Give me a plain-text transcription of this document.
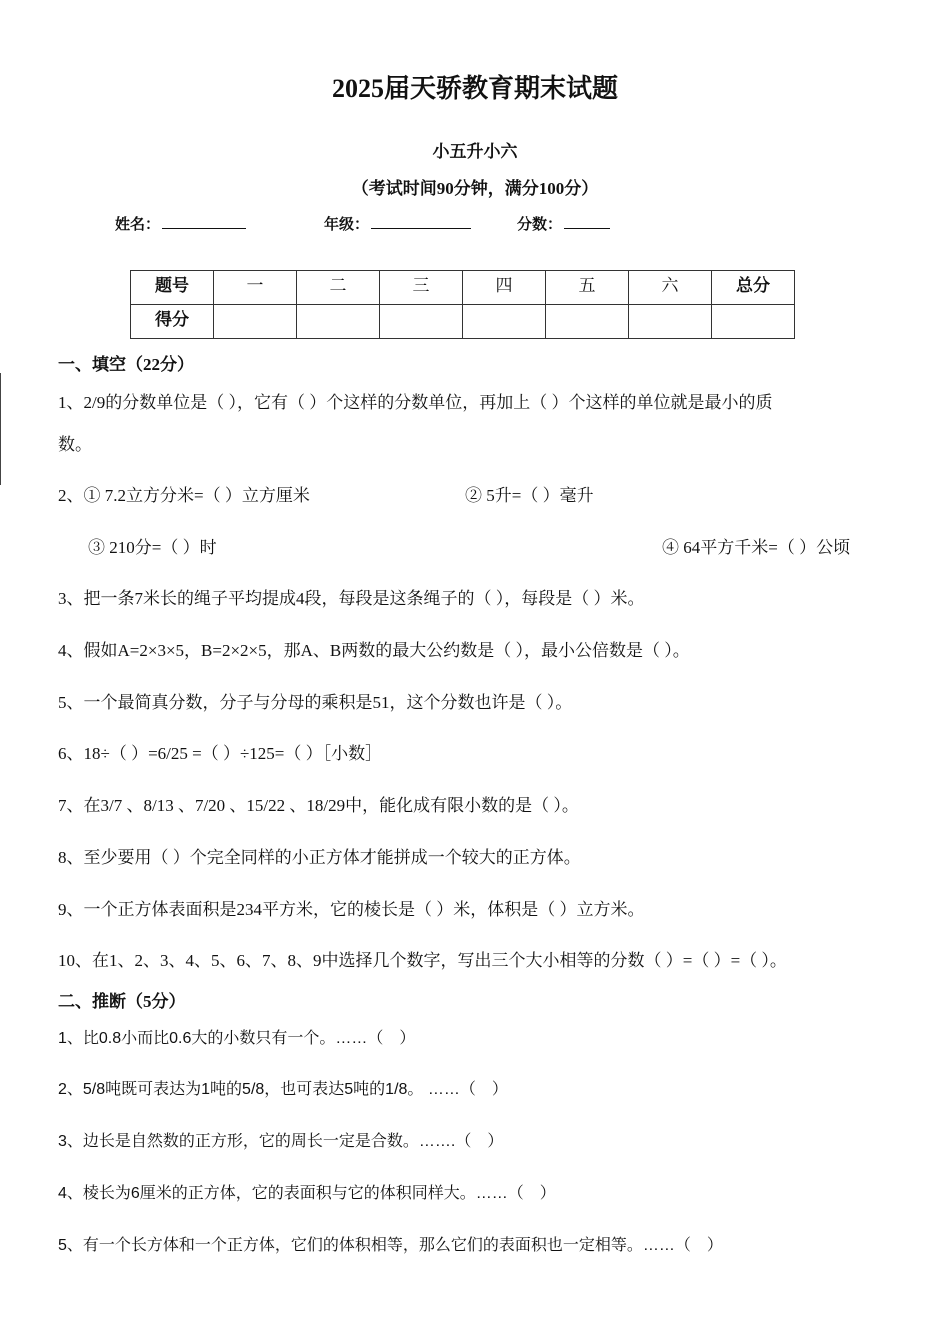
2025届天骄教育期末试题
小五升小六
（考试时间90分钟，满分100分）
姓名：	年级：	分数：
题号	一	二	三	四	五	六	总分
得分							
一、填空（22分）
1、2/9的分数单位是（ ），它有（ ）个这样的分数单位，再加上（ ）个这样的单位就是最小的质
数。
2、① 7.2立方分米=（ ）立方厘米	② 5升=（ ）毫升
③ 210分=（ ）时	④ 64平方千米=（ ）公顷
3、把一条7米长的绳子平均提成4段，每段是这条绳子的（ ），每段是（ ）米。
4、假如A=2×3×5，B=2×2×5，那A、B两数的最大公约数是（ ），最小公倍数是（ ）。
5、一个最简真分数，分子与分母的乘积是51，这个分数也许是（ ）。
6、18÷（ ）=6/25 =（ ）÷125=（ ）［小数］
7、在3/7 、8/13 、7/20 、15/22 、18/29中，能化成有限小数的是（ ）。
8、至少要用（ ）个完全同样的小正方体才能拼成一个较大的正方体。
9、一个正方体表面积是234平方米，它的棱长是（ ）米，体积是（ ）立方米。
10、在1、2、3、4、5、6、7、8、9中选择几个数字，写出三个大小相等的分数（ ）=（ ）=（ ）。
二、推断（5分）
1、比0.8小而比0.6大的小数只有一个。……（　）
2、5/8吨既可表达为1吨的5/8，也可表达5吨的1/8。 ……（　）
3、边长是自然数的正方形，它的周长一定是合数。…….（　）
4、棱长为6厘米的正方体，它的表面积与它的体积同样大。……（　）
5、有一个长方体和一个正方体，它们的体积相等，那么它们的表面积也一定相等。……（　）
